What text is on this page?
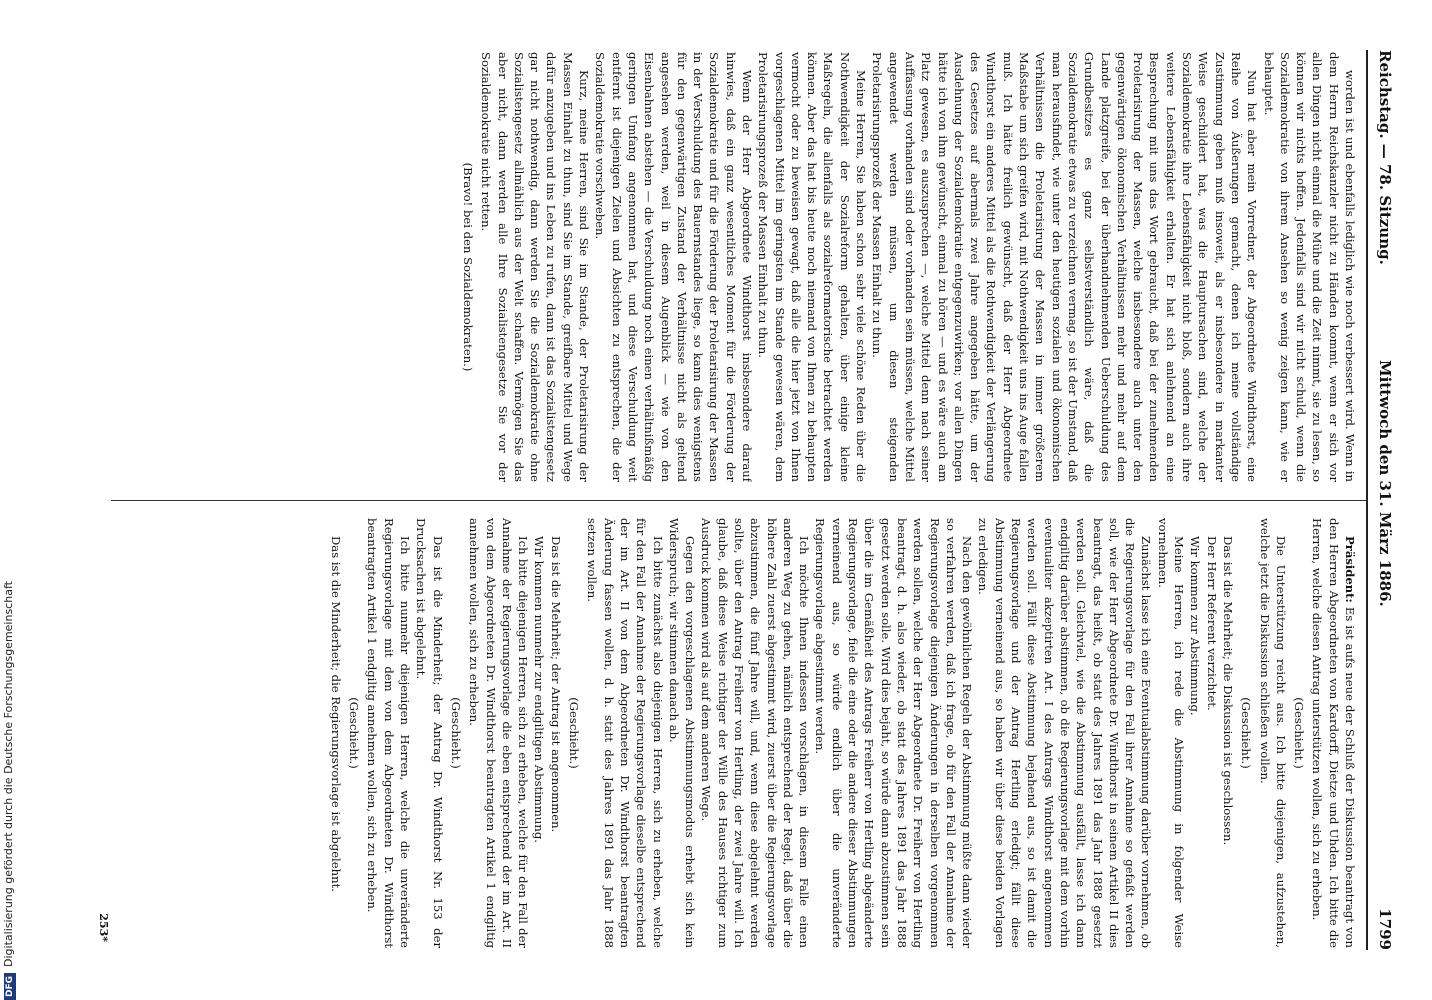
Reichstag. — 78. Sitzung.
Mittwoch den 31. März 1886.
1799

worden ist und ebenfalls lediglich wie noch verbessert wird. Wenn in dem Herrn Reichskanzler nicht zu Händen kommt, wenn er sich vor allen Dingen nicht einmal die Mühe und die Zeit nimmt, sie zu lesen, so können wir nichts hoffen. Jedenfalls sind wir nicht schuld, wenn die Sozialdemokratie von ihrem Ansehen so wenig zeigen kann, wie er behauptet.

Nun hat aber mein Vorredner, der Abgeordnete Windthorst, eine Reihe von Äußerungen gemacht, denen ich meine vollständige Zustimmung geben muß insoweit, als er insbesondere in markanter Weise geschildert hat, was die Hauptursachen sind, welche der Sozialdemokratie ihre Lebensfähigkeit nicht bloß, sondern auch ihre weitere Lebensfähigkeit erhalten. Er hat sich anlehnend an eine Besprechung mit uns das Wort gebraucht, daß bei der zunehmenden Proletarisirung der Massen, welche insbesondere auch unter den gegenwärtigen ökonomischen Verhältnissen mehr und mehr auf dem Lande platzgreife, bei der überhandnehmenden Ueberschuldung des Grundbesitzes es ganz selbstverständlich wäre, daß die Sozialdemokratie etwas zu verzeichnen vermag, so ist der Umstand, daß man herausfindet, wie unter den heutigen sozialen und ökonomischen Verhältnissen die Proletarisirung der Massen in immer größerem Maßstabe um sich greifen wird, mit Nothwendigkeit uns ins Auge fallen muß. Ich hätte freilich gewünscht, daß der Herr Abgeordnete Windthorst ein anderes Mittel als die Rothwendigkeit der Verlängerung des Gesetzes auf abermals zwei Jahre angegeben hätte, um der Ausdehnung der Sozialdemokratie entgegenzuwirken; vor allen Dingen hätte ich von ihm gewünscht, einmal zu hören — und es wäre auch am Platz gewesen, es auszusprechen —, welche Mittel denn nach seiner Auffassung vorhanden sind oder vorhanden sein müssen, welche Mittel angewendet werden müssen, um diesen steigenden Proletarisirungsprozeß der Massen Einhalt zu thun.

Meine Herren, Sie haben schon sehr viele schöne Reden über die Nothwendigkeit der Sozialreform gehalten, über einige kleine Maßregeln, die allenfalls als sozialreformatorische betrachtet werden können. Aber das hat bis heute noch niemand von Ihnen zu behaupten vermocht oder zu beweisen gewagt, daß alle die hier jetzt von Ihnen vorgeschlagenen Mittel im geringsten im Stande gewesen wären, dem Proletarisirungsprozeß der Massen Einhalt zu thun.

Wenn der Herr Abgeordnete Windthorst insbesondere darauf hinwies, daß ein ganz wesentliches Moment für die Förderung der Sozialdemokratie und für die Förderung der Proletarisirung der Massen in der Verschuldung des Bauernstandes liege, so kann dies wenigstens für den gegenwärtigen Zustand der Verhältnisse nicht als geltend angesehen werden, weil in diesem Augenblick — wie von den Eisenbahnen abstehen — die Verschuldung noch einen verhältnißmäßig geringen Umfang angenommen hat, und diese Verschuldung weit entfernt ist diejenigen Zielen und Absichten zu entsprechen, die der Sozialdemokratie vorschweben.

Kurz, meine Herren, sind Sie im Stande, der Proletarisirung der Massen Einhalt zu thun, sind Sie im Stande, greifbare Mittel und Wege dafür anzugeben und ins Leben zu rufen, dann ist das Sozialistengesetz gar nicht nothwendig, dann werden Sie die Sozialdemokratie ohne Sozialistengesetz allmählich aus der Welt schaffen. Vermögen Sie das aber nicht, dann werden alle Ihre Sozialistengesetze Sie vor der Sozialdemokratie nicht retten.

(Bravo! bei den Sozialdemokraten.)

Präsident: Es ist aufs neue der Schluß der Diskussion beantragt von den Herren Abgeordneten von Kardorff, Dietze und Uhden. Ich bitte die Herren, welche diesen Antrag unterstützen wollen, sich zu erheben.

(Geschieht.)

Die Unterstützung reicht aus. Ich bitte diejenigen, aufzustehen, welche jetzt die Diskussion schließen wollen.

(Geschieht.)

Das ist die Mehrheit; die Diskussion ist geschlossen.

Der Herr Referent verzichtet.

Wir kommen zur Abstimmung.

Meine Herren, ich rede die Abstimmung in folgender Weise vornehmen.

Zunächst lasse ich eine Eventualabstimmung darüber vornehmen, ob die Regierungsvorlage für den Fall ihrer Annahme so gefaßt werden soll, wie der Herr Abgeordnete Dr. Windthorst in seinem Artikel II dies beantragt, das heißt, ob statt des Jahres 1891 das Jahr 1888 gesetzt werden soll. Gleichviel, wie die Abstimmung ausfällt, lasse ich dann endgiltig darüber abstimmen, ob die Regierungsvorlage mit dem vorhin eventualiter akzeptirten Art. I des Antrags Windthorst angenommen werden soll. Fällt diese Abstimmung bejahend aus, so ist damit die Regierungsvorlage und der Antrag Hertling erledigt; fällt diese Abstimmung verneinend aus, so haben wir über diese beiden Vorlagen zu erledigen.

Nach den gewöhnlichen Regeln der Abstimmung müßte dann wieder so verfahren werden, daß ich frage, ob für den Fall der Annahme der Regierungsvorlage diejenigen Änderungen in derselben vorgenommen werden sollen, welche der Herr Abgeordnete Dr. Freiherr von Hertling beantragt, d. h. also wieder, ob statt des Jahres 1891 das Jahr 1888 gesetzt werden solle. Wird dies bejaht, so würde dann abzustimmen sein über die im Gemäßheit des Antrags Freiherr von Hertling abgeänderte Regierungsvorlage, fiele die eine oder die andere dieser Abstimmungen verneinend aus, so würde endlich über die unveränderte Regierungsvorlage abgestimmt werden.

Ich möchte Ihnen indessen vorschlagen, in diesem Falle einen anderen Weg zu gehen, nämlich entsprechend der Regel, daß über die höhere Zahl zuerst abgestimmt wird, zuerst über die Regierungsvorlage abzustimmen, die fünf Jahre will, und, wenn diese abgelehnt werden sollte, über den Antrag Freiherr von Hertling, der zwei Jahre will. Ich glaube, daß diese Weise richtiger der Wille des Hauses richtiger zum Ausdruck kommen wird als auf dem anderen Wege.

Gegen den vorgeschlagenen Abstimmungsmodus erhebt sich kein Widerspruch; wir stimmen danach ab.

Ich bitte zunächst also diejenigen Herren, sich zu erheben, welche für den Fall der Annahme der Regierungsvorlage dieselbe entsprechend der im Art. II von dem Abgeordneten Dr. Windthorst beantragten Änderung fassen wollen, d. h. statt des Jahres 1891 das Jahr 1888 setzen wollen.

(Geschieht.)

Das ist die Mehrheit; der Antrag ist angenommen.

Wir kommen nunmehr zur endgiltigen Abstimmung.

Ich bitte diejenigen Herren, sich zu erheben, welche für den Fall der Annahme der Regierungsvorlage die eben entsprechend der im Art. II von dem Abgeordneten Dr. Windthorst beantragten Artikel 1 endgiltig annehmen wollen, sich zu erheben.

(Geschieht.)

Das ist die Minderheit; der Antrag Dr. Windthorst Nr. 153 der Drucksachen ist abgelehnt.

Ich bitte nunmehr diejenigen Herren, welche die unveränderte Regierungsvorlage mit dem von dem Abgeordneten Dr. Windthorst beantragten Artikel 1 endgiltig annehmen wollen, sich zu erheben.

(Geschieht.)

Das ist die Minderheit; die Regierungsvorlage ist abgelehnt.

253*
DFGDigitalisierung gefördert durch die Deutsche Forschungsgemeinschaft
